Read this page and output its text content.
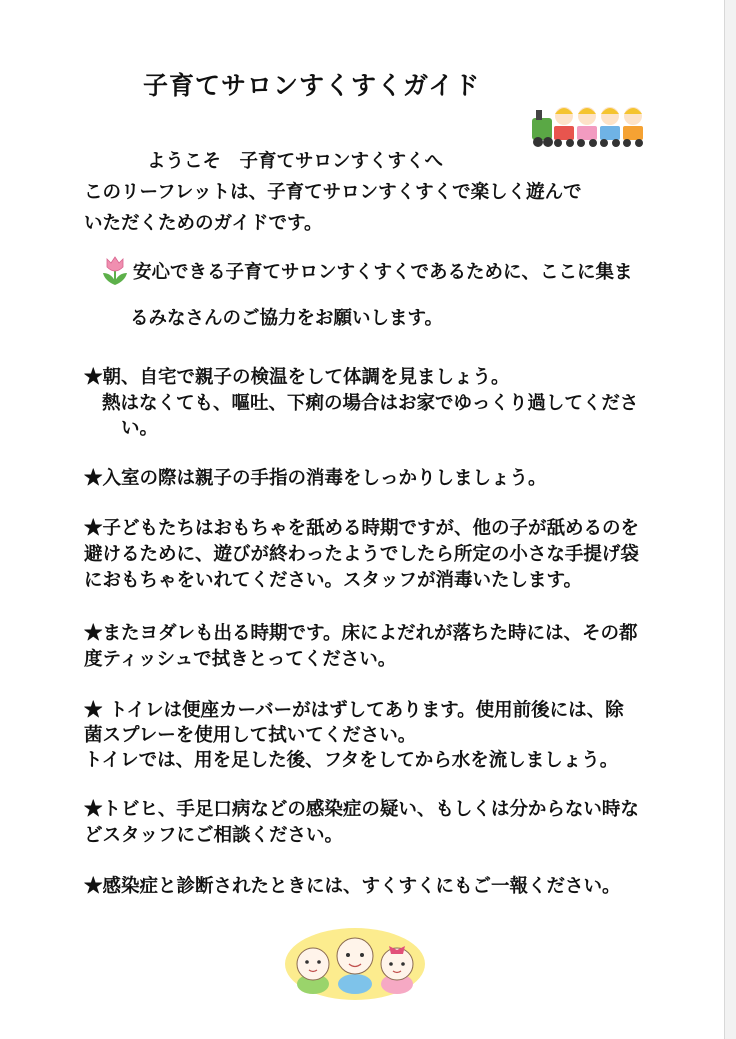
子育てサロンすくすくガイド
ようこそ　子育てサロンすくすくへ
このリーフレットは、子育てサロンすくすくで楽しく遊んで
いただくためのガイドです。
安心できる子育てサロンすくすくであるために、ここに集ま
るみなさんのご協力をお願いします。
★朝、自宅で親子の検温をして体調を見ましょう。
熱はなくても、嘔吐、下痢の場合はお家でゆっくり過してくださ
い。
★入室の際は親子の手指の消毒をしっかりしましょう。
★子どもたちはおもちゃを舐める時期ですが、他の子が舐めるのを
避けるために、遊びが終わったようでしたら所定の小さな手提げ袋
におもちゃをいれてください。スタッフが消毒いたします。
★またヨダレも出る時期です。床によだれが落ちた時には、その都
度ティッシュで拭きとってください。
★ トイレは便座カーバーがはずしてあります。使用前後には、除
菌スプレーを使用して拭いてください。
トイレでは、用を足した後、フタをしてから水を流しましょう。
★トビヒ、手足口病などの感染症の疑い、もしくは分からない時な
どスタッフにご相談ください。
★感染症と診断されたときには、すくすくにもご一報ください。
